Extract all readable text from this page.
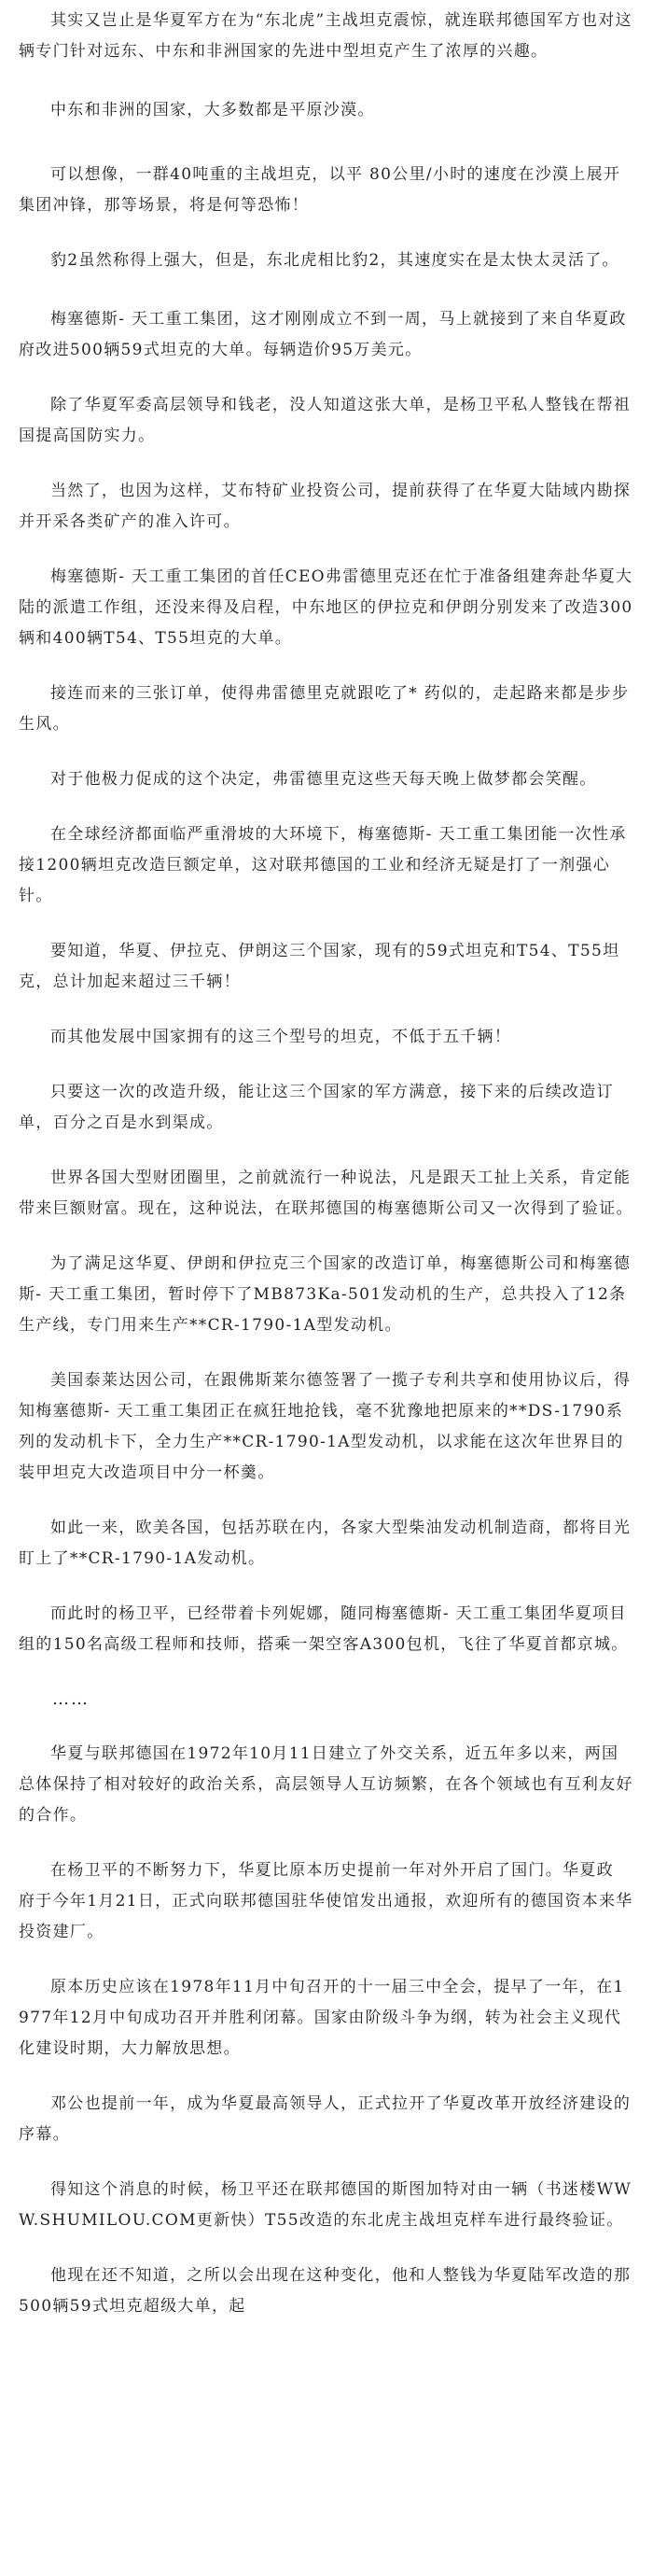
其实又岂止是华夏军方在为“东北虎”主战坦克震惊，就连联邦德国军方也对这辆专门针对远东、中东和非洲国家的先进中型坦克产生了浓厚的兴趣。

中东和非洲的国家，大多数都是平原沙漠。

可以想像，一群40吨重的主战坦克，以平 80公里/小时的速度在沙漠上展开集团冲锋，那等场景，将是何等恐怖！

豹2虽然称得上强大，但是，东北虎相比豹2，其速度实在是太快太灵活了。

梅塞德斯- 天工重工集团，这才刚刚成立不到一周，马上就接到了来自华夏政 府改进500辆59式坦克的大单。每辆造价95万美元。

除了华夏军委高层领导和钱老，没人知道这张大单，是杨卫平私人整钱在帮祖国提高国防实力。

当然了，也因为这样，艾布特矿业投资公司，提前获得了在华夏大陆域内勘探并开采各类矿产的准入许可。

梅塞德斯- 天工重工集团的首任CEO弗雷德里克还在忙于准备组建奔赴华夏大陆的派遣工作组，还没来得及启程，中东地区的伊拉克和伊朗分别发来了改造300辆和400辆T54、T55坦克的大单。

接连而来的三张订单，使得弗雷德里克就跟吃了* 药似的，走起路来都是步步生风。

对于他极力促成的这个决定，弗雷德里克这些天每天晚上做梦都会笑醒。

在全球经济都面临严重滑坡的大环境下，梅塞德斯- 天工重工集团能一次性承接1200辆坦克改造巨额定单，这对联邦德国的工业和经济无疑是打了一剂强心针。

要知道，华夏、伊拉克、伊朗这三个国家，现有的59式坦克和T54、T55坦克，总计加起来超过三千辆！

而其他发展中国家拥有的这三个型号的坦克，不低于五千辆！

只要这一次的改造升级，能让这三个国家的军方满意，接下来的后续改造订单，百分之百是水到渠成。

世界各国大型财团圈里，之前就流行一种说法，凡是跟天工扯上关系，肯定能带来巨额财富。现在，这种说法，在联邦德国的梅塞德斯公司又一次得到了验证。

为了满足这华夏、伊朗和伊拉克三个国家的改造订单，梅塞德斯公司和梅塞德斯- 天工重工集团，暂时停下了MB873Ka-501发动机的生产，总共投入了12条生产线，专门用来生产**CR-1790-1A型发动机。

美国泰莱达因公司，在跟佛斯莱尔德签署了一揽子专利共享和使用协议后，得知梅塞德斯- 天工重工集团正在疯狂地抢钱，毫不犹豫地把原来的**DS-1790系列的发动机卡下，全力生产**CR-1790-1A型发动机，以求能在这次年世界目的装甲坦克大改造项目中分一杯羹。

如此一来，欧美各国，包括苏联在内，各家大型柴油发动机制造商，都将目光盯上了**CR-1790-1A发动机。

而此时的杨卫平，已经带着卡列妮娜，随同梅塞德斯- 天工重工集团华夏项目组的150名高级工程师和技师，搭乘一架空客A300包机，飞往了华夏首都京城。

……

华夏与联邦德国在1972年10月11日建立了外交关系，近五年多以来，两国总体保持了相对较好的政治关系，高层领导人互访频繁，在各个领域也有互利友好的合作。

在杨卫平的不断努力下，华夏比原本历史提前一年对外开启了国门。华夏政 府于今年1月21日，正式向联邦德国驻华使馆发出通报，欢迎所有的德国资本来华投资建厂。

原本历史应该在1978年11月中旬召开的十一届三中全会，提早了一年，在1977年12月中旬成功召开并胜利闭幕。国家由阶级斗争为纲，转为社会主义现代化建设时期，大力解放思想。

邓公也提前一年，成为华夏最高领导人，正式拉开了华夏改革开放经济建设的序幕。

得知这个消息的时候，杨卫平还在联邦德国的斯图加特对由一辆（书迷楼WWW.SHUMILOU.COM更新快）T55改造的东北虎主战坦克样车进行最终验证。

他现在还不知道，之所以会出现在这种变化，他和人整钱为华夏陆军改造的那500辆59式坦克超级大单，起
